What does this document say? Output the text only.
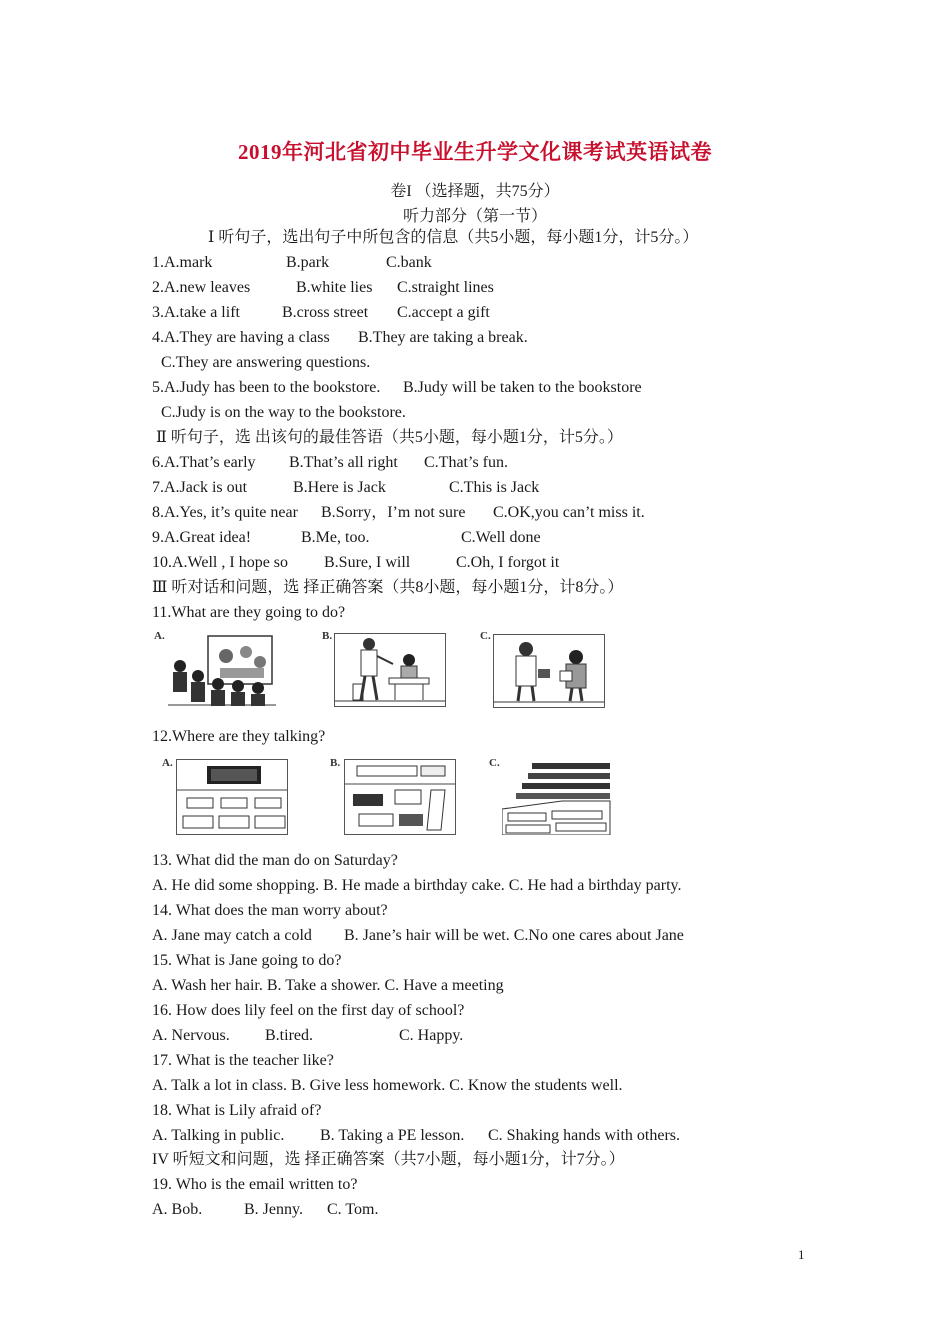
2019年河北省初中毕业生升学文化课考试英语试卷
卷I （选择题，共75分）
听力部分（第一节）
Ⅰ 听句子，选出句子中所包含的信息（共5小题，每小题1分，计5分。）
1.A.mark	B.park	C.bank
2.A.new leaves	B.white lies C.straight lines
3.A.take a lift	B.cross street C.accept a gift
4.A.They are having a class B.They are taking a break.
C.They are answering questions.
5.A.Judy has been to the bookstore. B.Judy will be taken to the bookstore
C.Judy is on the way to the bookstore.
Ⅱ 听句子，选 出该句的最佳答语（共5小题，每小题1分，计5分。）
6.A.That’s early B.That’s all right C.That’s fun.
7.A.Jack is out	B.Here is Jack	C.This is Jack
8.A.Yes, it’s quite near B.Sorry，I’m not sure C.OK,you can’t miss it.
9.A.Great idea!	B.Me, too.	C.Well done
10.A.Well , I hope so B.Sure, I will	C.Oh, I forgot it
Ⅲ 听对话和问题，选 择正确答案（共8小题，每小题1分，计8分。）
11.What are they going to do?
A.	B.	C.
12.Where are they talking?
A.	B.	C.
13. What did the man do on Saturday?
A. He did some shopping. B. He made a birthday cake. C. He had a birthday party.
14. What does the man worry about?
A. Jane may catch a cold B. Jane’s hair will be wet. C.No one cares about Jane
15. What is Jane going to do?
A. Wash her hair. B. Take a shower. C. Have a meeting
16. How does lily feel on the first day of school?
A. Nervous. B.tired.	C. Happy.
17. What is the teacher like?
A. Talk a lot in class. B. Give less homework. C. Know the students well.
18. What is Lily afraid of?
A. Talking in public. B. Taking a PE lesson. C. Shaking hands with others.
IV 听短文和问题，选 择正确答案（共7小题，每小题1分，计7分。）
19. Who is the email written to?
A. Bob.	B. Jenny. C. Tom.
1
